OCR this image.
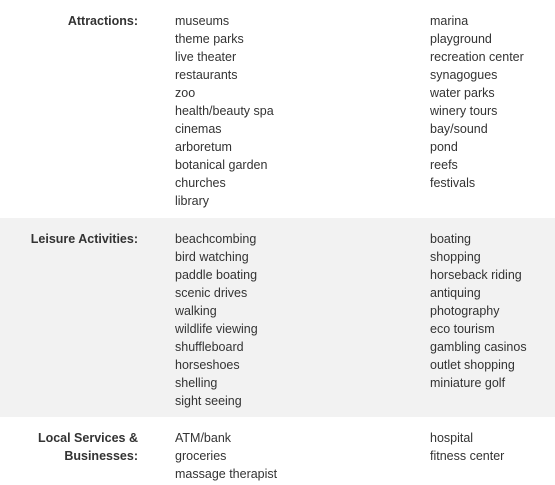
Attractions:	museums
theme parks
live theater
restaurants
zoo
health/beauty spa
cinemas
arboretum
botanical garden
churches
library
marina
playground
recreation center
synagogues
water parks
winery tours
bay/sound
pond
reefs
festivals
Leisure Activities:	beachcombing
bird watching
paddle boating
scenic drives
walking
wildlife viewing
shuffleboard
horseshoes
shelling
sight seeing
boating
shopping
horseback riding
antiquing
photography
eco tourism
gambling casinos
outlet shopping
miniature golf
Local Services &
Businesses:
ATM/bank
groceries
massage therapist
hospital
fitness center
